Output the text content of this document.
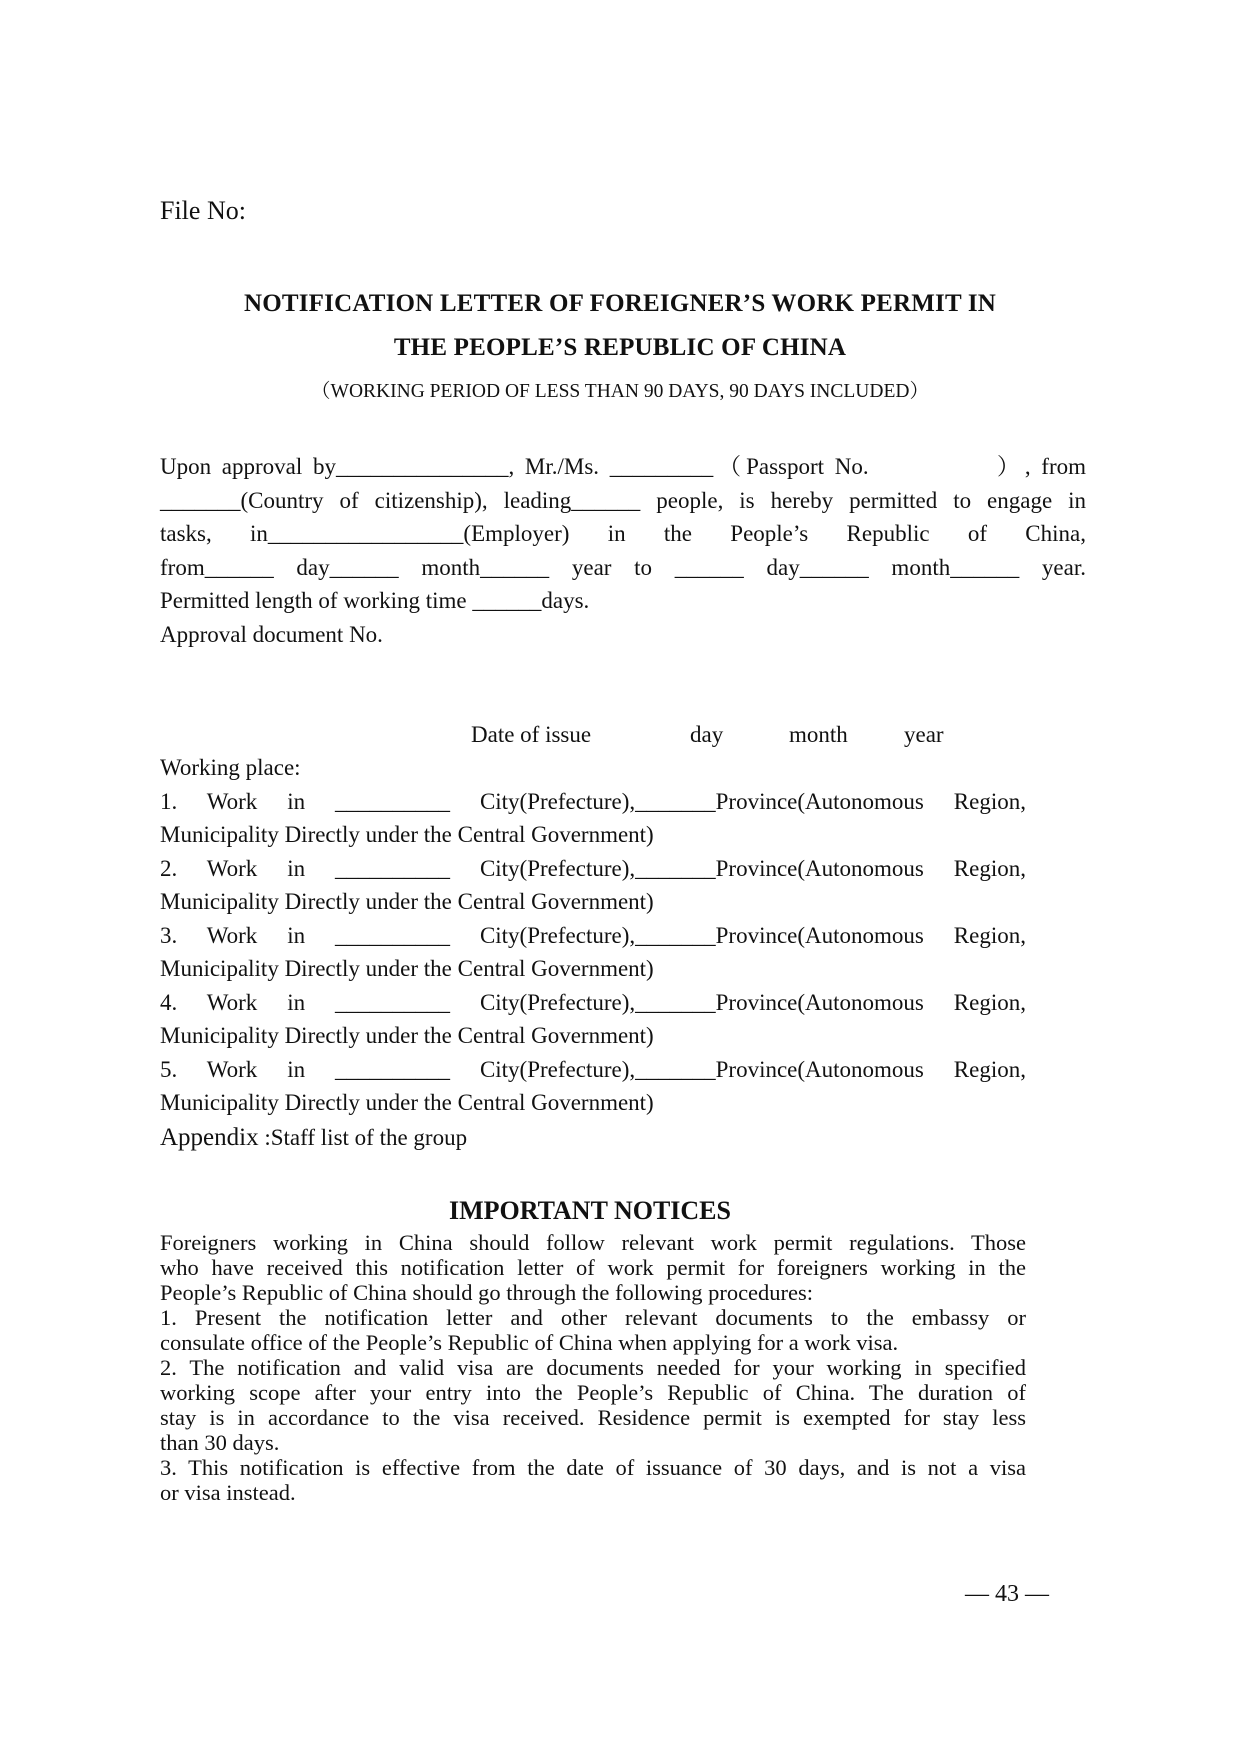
File No:
NOTIFICATION LETTER OF FOREIGNER’S WORK PERMIT IN
THE PEOPLE’S REPUBLIC OF CHINA
（WORKING PERIOD OF LESS THAN 90 DAYS, 90 DAYS INCLUDED）
Upon approval by_______________, Mr./Ms. _________（Passport No.            ）, from
_______(Country of citizenship), leading______ people, is hereby permitted to engage in
tasks, in_________________(Employer) in the People’s Republic of China,
from______ day______ month______ year to ______ day______ month______ year.
Permitted length of working time ______days.
Approval document No.
Date of issue	day	month year
Working place:
1. Work in __________ City(Prefecture),_______Province(Autonomous Region,
Municipality Directly under the Central Government)
2. Work in __________ City(Prefecture),_______Province(Autonomous Region,
Municipality Directly under the Central Government)
3. Work in __________ City(Prefecture),_______Province(Autonomous Region,
Municipality Directly under the Central Government)
4. Work in __________ City(Prefecture),_______Province(Autonomous Region,
Municipality Directly under the Central Government)
5. Work in __________ City(Prefecture),_______Province(Autonomous Region,
Municipality Directly under the Central Government)
Appendix :Staff list of the group
IMPORTANT NOTICES
Foreigners working in China should follow relevant work permit regulations. Those
who have received this notification letter of work permit for foreigners working in the
People’s Republic of China should go through the following procedures:
1. Present the notification letter and other relevant documents to the embassy or
consulate office of the People’s Republic of China when applying for a work visa.
2. The notification and valid visa are documents needed for your working in specified
working scope after your entry into the People’s Republic of China. The duration of
stay is in accordance to the visa received. Residence permit is exempted for stay less
than 30 days.
3. This notification is effective from the date of issuance of 30 days, and is not a visa
or visa instead.
— 43 —
